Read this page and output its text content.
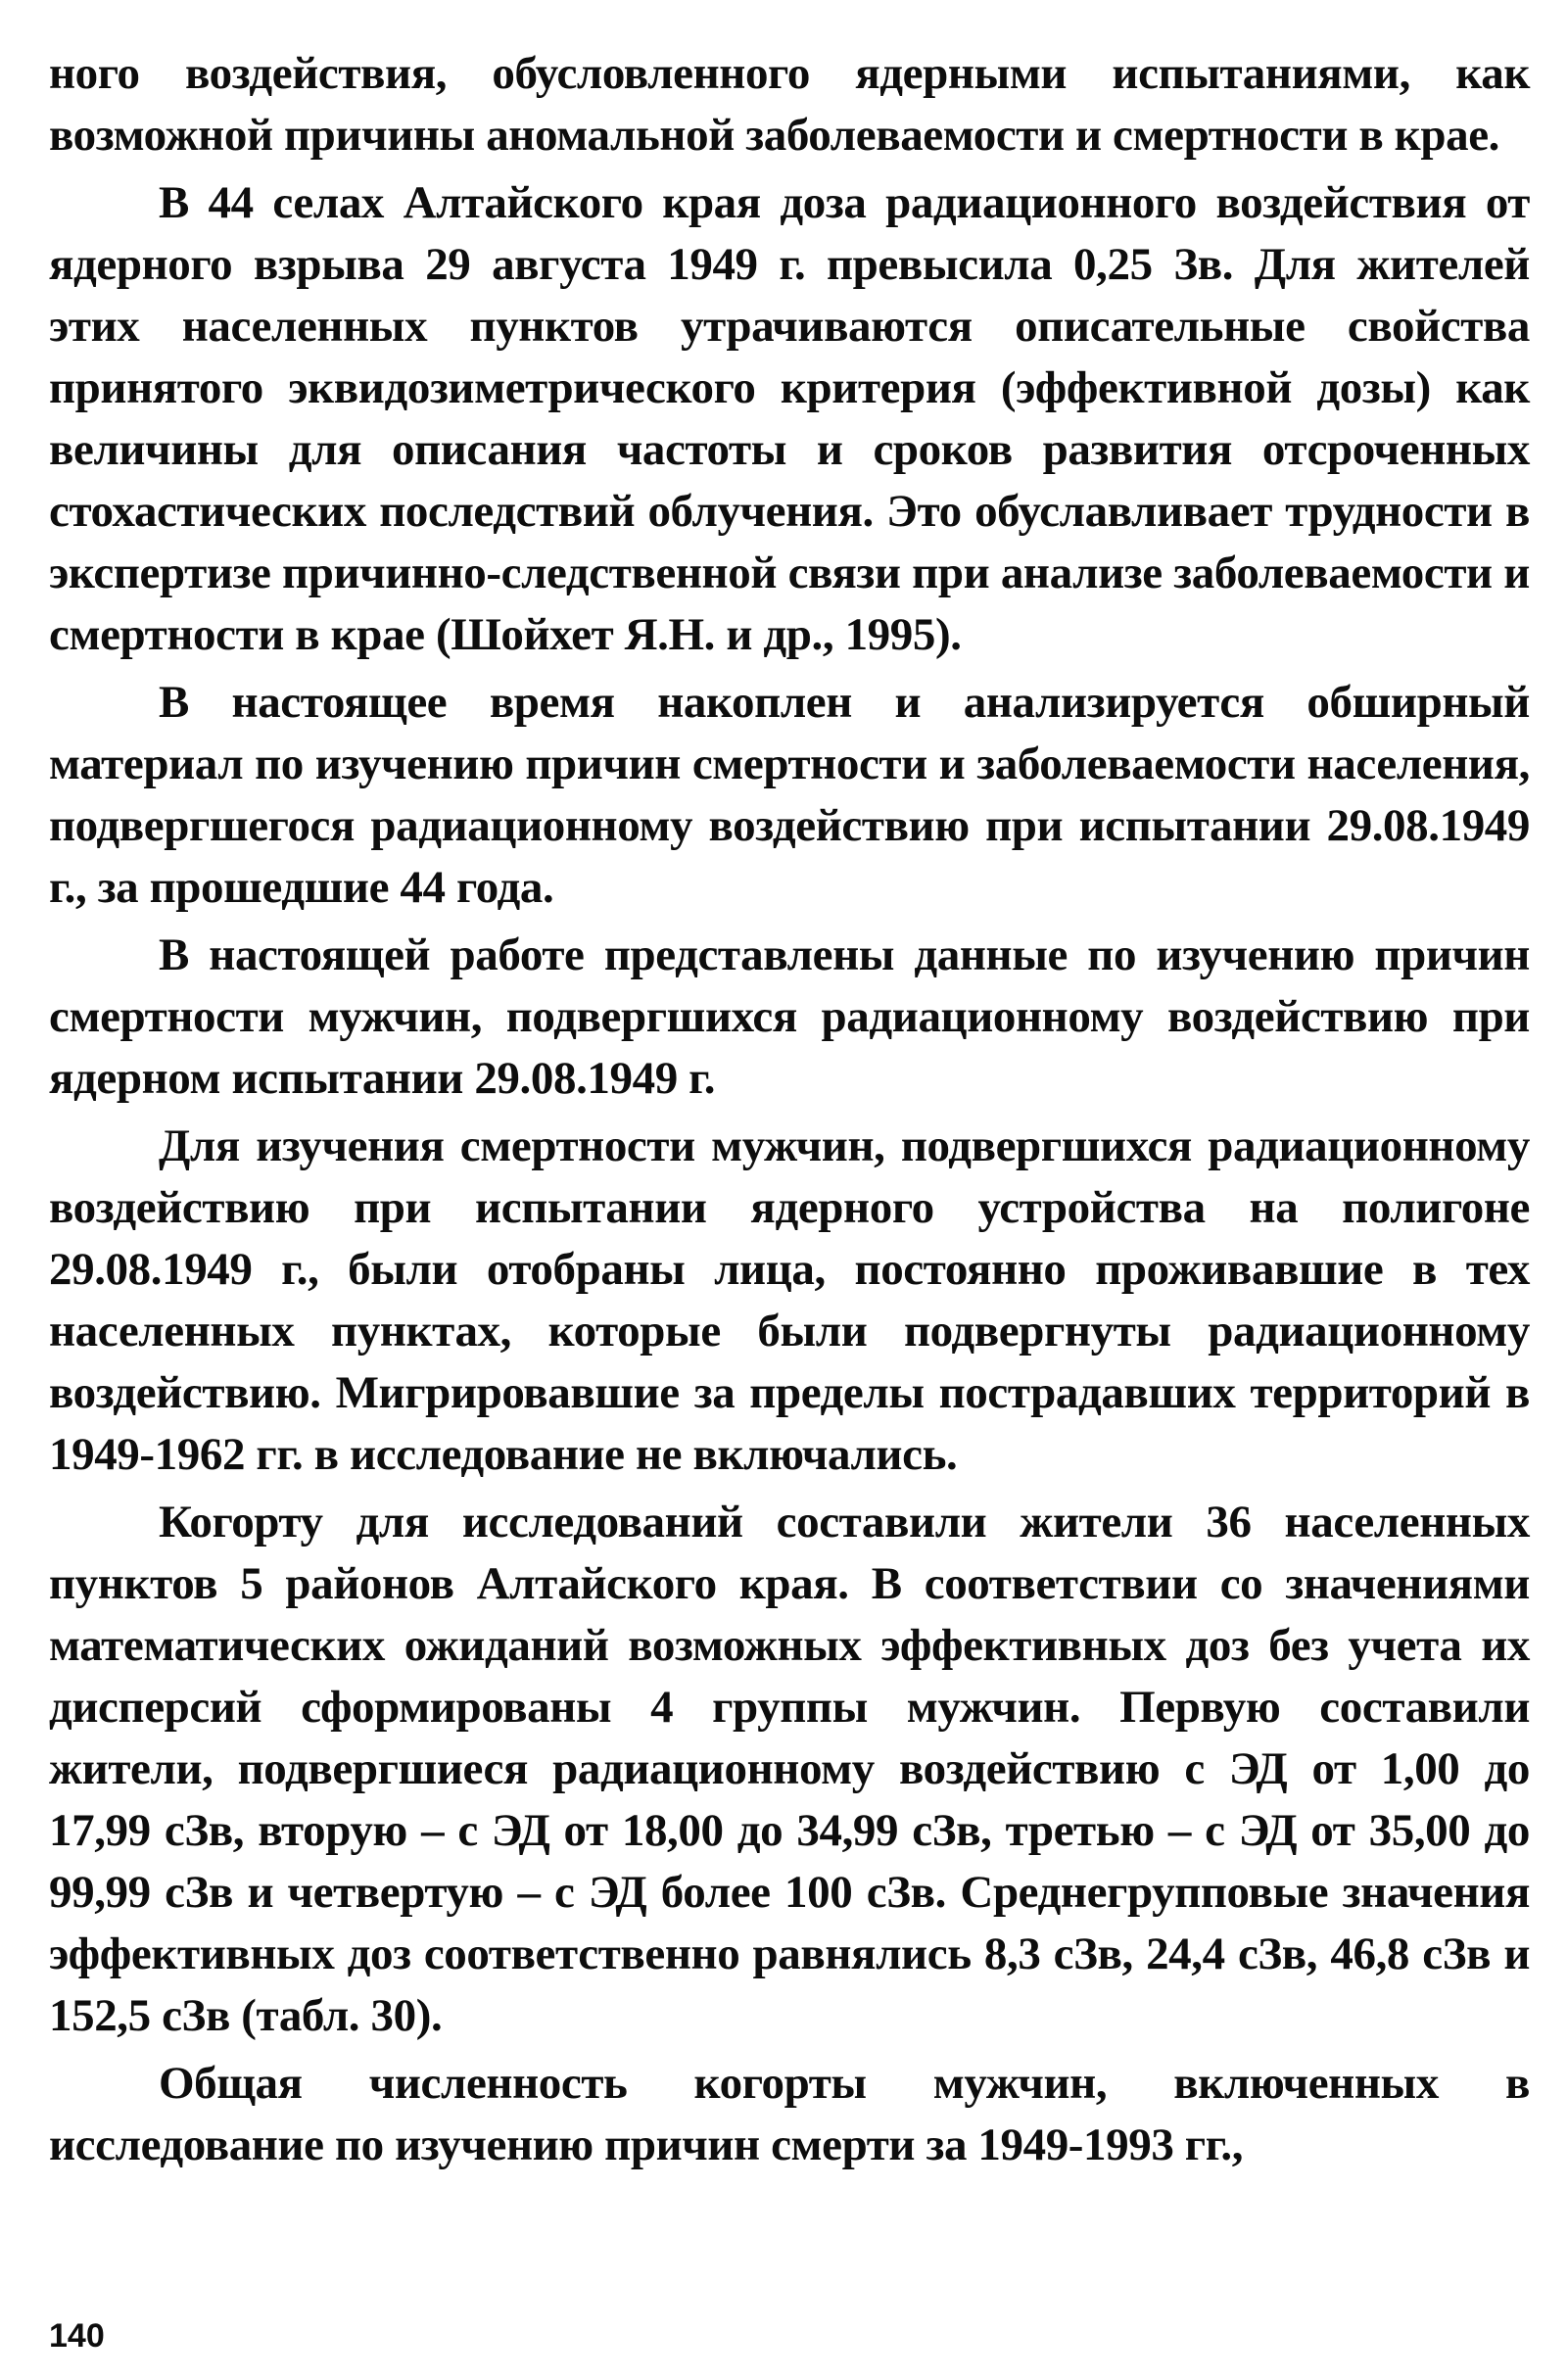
ного воздействия, обусловленного ядерными испытаниями, как возможной причины аномальной заболеваемости и смертности в крае.

В 44 селах Алтайского края доза радиационного воздействия от ядерного взрыва 29 августа 1949 г. превысила 0,25 Зв. Для жителей этих населенных пунктов утрачиваются описательные свойства принятого эквидозиметрического критерия (эффективной дозы) как величины для описания частоты и сроков развития отсроченных стохастических последствий облучения. Это обуславливает трудности в экспертизе причинно-следственной связи при анализе заболеваемости и смертности в крае (Шойхет Я.Н. и др., 1995).

В настоящее время накоплен и анализируется обширный материал по изучению причин смертности и заболеваемости населения, подвергшегося радиационному воздействию при испытании 29.08.1949 г., за прошедшие 44 года.

В настоящей работе представлены данные по изучению причин смертности мужчин, подвергшихся радиационному воздействию при ядерном испытании 29.08.1949 г.

Для изучения смертности мужчин, подвергшихся радиационному воздействию при испытании ядерного устройства на полигоне 29.08.1949 г., были отобраны лица, постоянно проживавшие в тех населенных пунктах, которые были подвергнуты радиационному воздействию. Мигрировавшие за пределы пострадавших территорий в 1949-1962 гг. в исследование не включались.

Когорту для исследований составили жители 36 населенных пунктов 5 районов Алтайского края. В соответствии со значениями математических ожиданий возможных эффективных доз без учета их дисперсий сформированы 4 группы мужчин. Первую составили жители, подвергшиеся радиационному воздействию с ЭД от 1,00 до 17,99 сЗв, вторую – с ЭД от 18,00 до 34,99 сЗв, третью – с ЭД от 35,00 до 99,99 сЗв и четвертую – с ЭД более 100 сЗв. Среднегрупповые значения эффективных доз соответственно равнялись 8,3 сЗв, 24,4 сЗв, 46,8 сЗв и 152,5 сЗв (табл. 30).

Общая численность когорты мужчин, включенных в исследование по изучению причин смерти за 1949-1993 гг.,

140
